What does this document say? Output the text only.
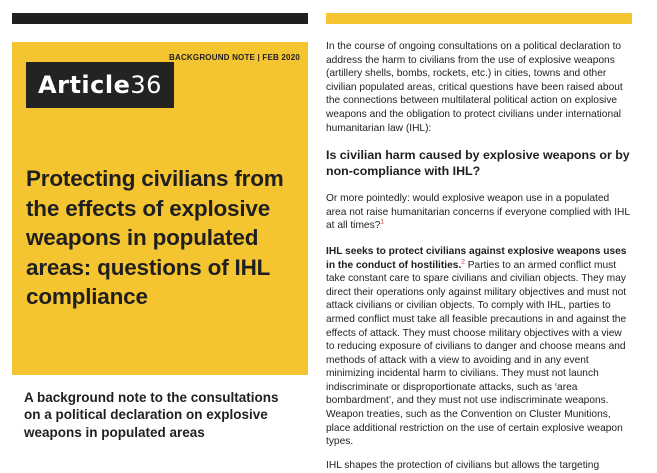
BACKGROUND NOTE | FEB 2020
Article36
Protecting civilians from the effects of explosive weapons in populated areas: questions of IHL compliance

A background note to the consultations on a political declaration on explosive weapons in populated areas

In the course of ongoing consultations on a political declaration to address the harm to civilians from the use of explosive weapons (artillery shells, bombs, rockets, etc.) in cities, towns and other civilian populated areas, critical questions have been raised about the connections between multilateral political action on explosive weapons and the obligation to protect civilians under international humanitarian law (IHL):

Is civilian harm caused by explosive weapons or by non-compliance with IHL?

Or more pointedly: would explosive weapon use in a populated area not raise humanitarian concerns if everyone complied with IHL at all times?$^1$

IHL seeks to protect civilians against explosive weapons uses in the conduct of hostilities.$^2$ Parties to an armed conflict must take constant care to spare civilians and civilian objects. They may direct their operations only against military objectives and must not attack civilians or civilian objects. To comply with IHL, parties to armed conflict must take all feasible precautions in and against the effects of attack. They must choose military objectives with a view to reducing exposure of civilians to danger and choose means and methods of attack with a view to avoiding and in any event minimizing incidental harm to civilians. They must not launch indiscriminate or disproportionate attacks, such as ‘area bombardment’, and they must not use indiscriminate weapons. Weapon treaties, such as the Convention on Cluster Munitions, place additional restriction on the use of certain explosive weapon types.

IHL shapes the protection of civilians but allows the targeting
